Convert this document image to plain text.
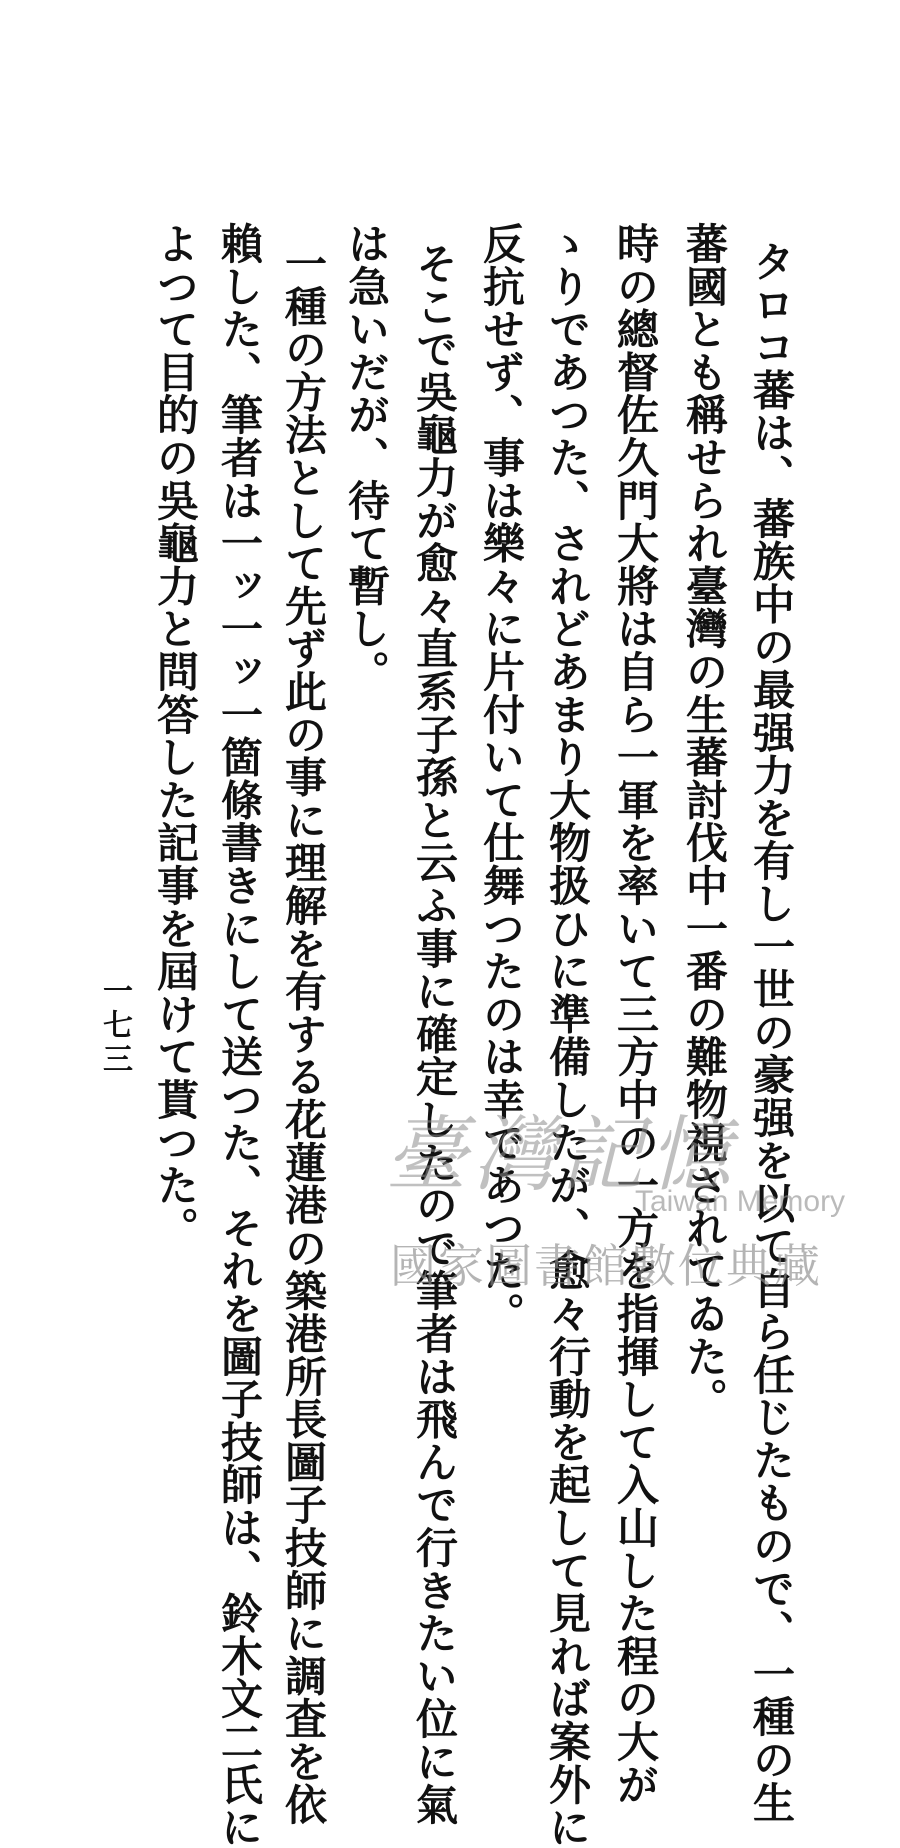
タロコ蕃は、蕃族中の最强力を有し一世の豪强を以て自ら任じたもので、一種の生
蕃國とも稱せられ臺灣の生蕃討伐中一番の難物視されてゐた。
時の總督佐久門大將は自ら一軍を率いて三方中の一方を指揮して入山した程の大が
ゝりであつた、されどあまり大物扱ひに準備したが、愈々行動を起して見れば案外に
反抗せず、事は樂々に片付いて仕舞つたのは幸であつた。
そこで吳龜力が愈々直系子孫と云ふ事に確定したので筆者は飛んで行きたい位に氣
は急いだが、待て暫し。
一種の方法として先ず此の事に理解を有する花蓮港の築港所長圖子技師に調査を依
賴した、筆者は一ッ一ッ一箇條書きにして送つた、それを圖子技師は、鈴木文二氏に
よつて目的の吳龜力と問答した記事を屆けて貰つた。
一七三
臺灣記憶
Taiwan Memory
國家圖書館數位典藏
